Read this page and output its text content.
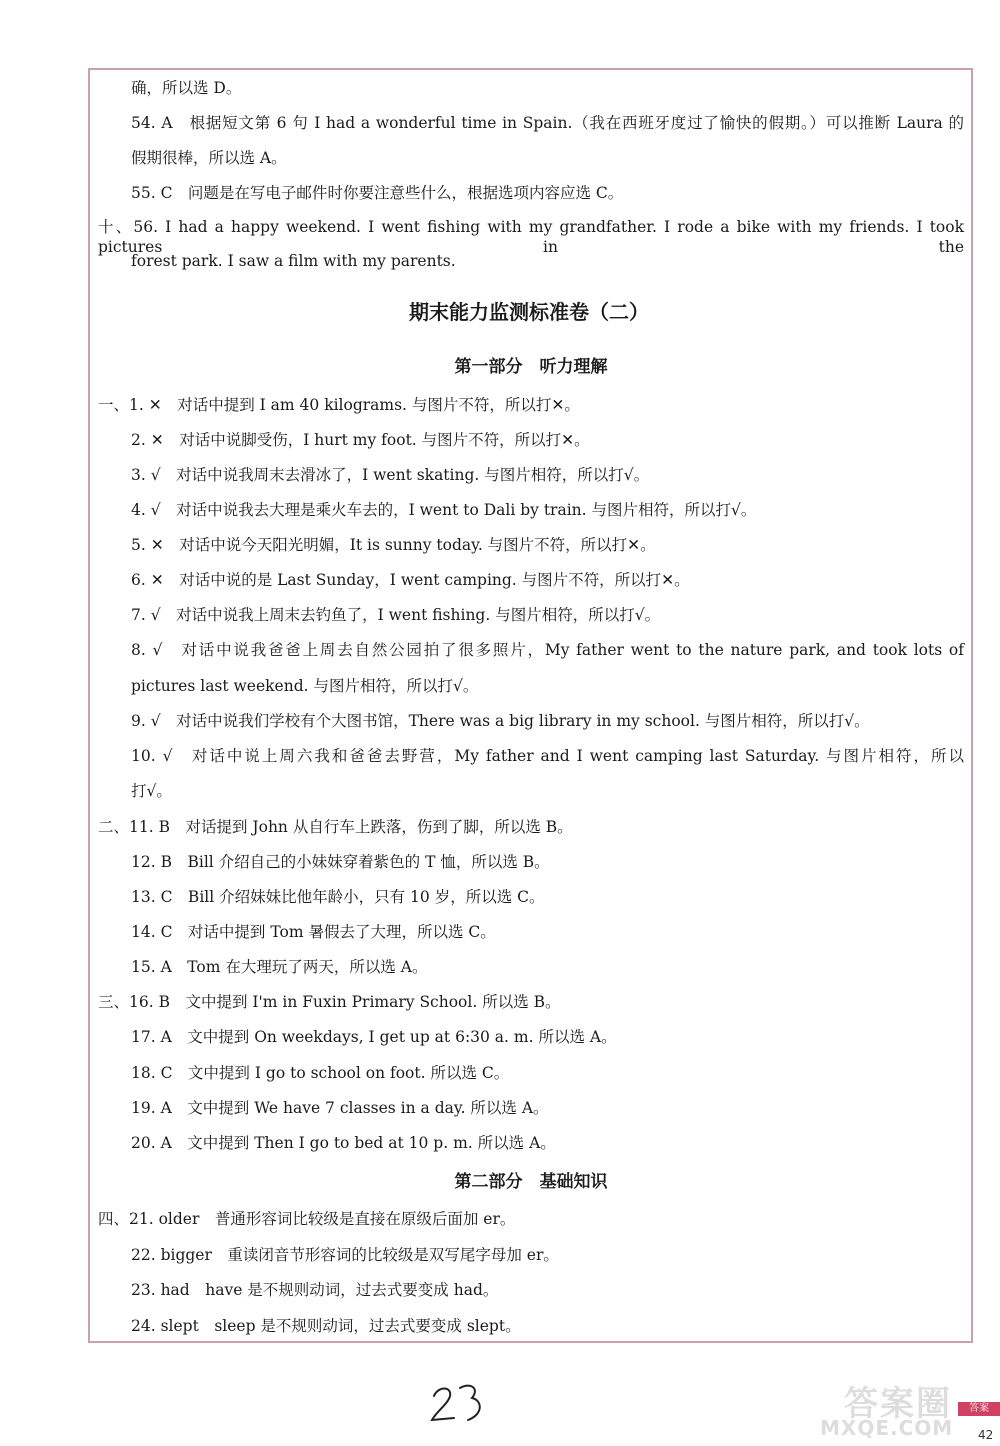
确，所以选 D。
54. A　根据短文第 6 句 I had a wonderful time in Spain.（我在西班牙度过了愉快的假期。）可以推断 Laura 的
假期很棒，所以选 A。
55. C　问题是在写电子邮件时你要注意些什么，根据选项内容应选 C。
十、56. I had a happy weekend. I went fishing with my grandfather. I rode a bike with my friends. I took pictures in the
forest park. I saw a film with my parents.
期末能力监测标准卷（二）
第一部分　听力理解
一、1. ✕　对话中提到 I am 40 kilograms. 与图片不符，所以打✕。
2. ✕　对话中说脚受伤，I hurt my foot. 与图片不符，所以打✕。
3. √　对话中说我周末去滑冰了，I went skating. 与图片相符，所以打√。
4. √　对话中说我去大理是乘火车去的，I went to Dali by train. 与图片相符，所以打√。
5. ✕　对话中说今天阳光明媚，It is sunny today. 与图片不符，所以打✕。
6. ✕　对话中说的是 Last Sunday，I went camping. 与图片不符，所以打✕。
7. √　对话中说我上周末去钓鱼了，I went fishing. 与图片相符，所以打√。
8. √　对话中说我爸爸上周去自然公园拍了很多照片，My father went to the nature park, and took lots of
pictures last weekend. 与图片相符，所以打√。
9. √　对话中说我们学校有个大图书馆，There was a big library in my school. 与图片相符，所以打√。
10. √　对话中说上周六我和爸爸去野营，My father and I went camping last Saturday. 与图片相符，所以
打√。
二、11. B　对话提到 John 从自行车上跌落，伤到了脚，所以选 B。
12. B　Bill 介绍自己的小妹妹穿着紫色的 T 恤，所以选 B。
13. C　Bill 介绍妹妹比他年龄小，只有 10 岁，所以选 C。
14. C　对话中提到 Tom 暑假去了大理，所以选 C。
15. A　Tom 在大理玩了两天，所以选 A。
三、16. B　文中提到 I'm in Fuxin Primary School. 所以选 B。
17. A　文中提到 On weekdays, I get up at 6:30 a. m. 所以选 A。
18. C　文中提到 I go to school on foot. 所以选 C。
19. A　文中提到 We have 7 classes in a day. 所以选 A。
20. A　文中提到 Then I go to bed at 10 p. m. 所以选 A。
第二部分　基础知识
四、21. older　普通形容词比较级是直接在原级后面加 er。
22. bigger　重读闭音节形容词的比较级是双写尾字母加 er。
23. had　have 是不规则动词，过去式要变成 had。
24. slept　sleep 是不规则动词，过去式要变成 slept。
答案圈
MXQE.COM
答案
42
